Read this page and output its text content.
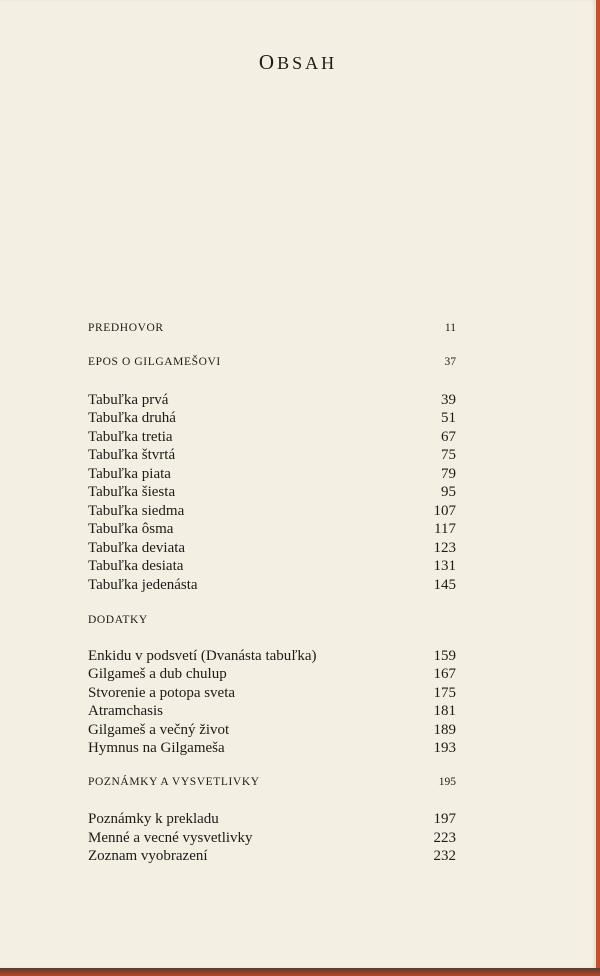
OBSAH
PREDHOVOR	11
EPOS O GILGAMEŠOVI	37
Tabuľka prvá	39
Tabuľka druhá	51
Tabuľka tretia	67
Tabuľka štvrtá	75
Tabuľka piata	79
Tabuľka šiesta	95
Tabuľka siedma	107
Tabuľka ôsma	117
Tabuľka deviata	123
Tabuľka desiata	131
Tabuľka jedenásta	145
DODATKY
Enkidu v podsvetí (Dvanásta tabuľka)	159
Gilgameš a dub chulup	167
Stvorenie a potopa sveta	175
Atramchasis	181
Gilgameš a večný život	189
Hymnus na Gilgameša	193
POZNÁMKY A VYSVETLIVKY	195
Poznámky k prekladu	197
Menné a vecné vysvetlivky	223
Zoznam vyobrazení	232
